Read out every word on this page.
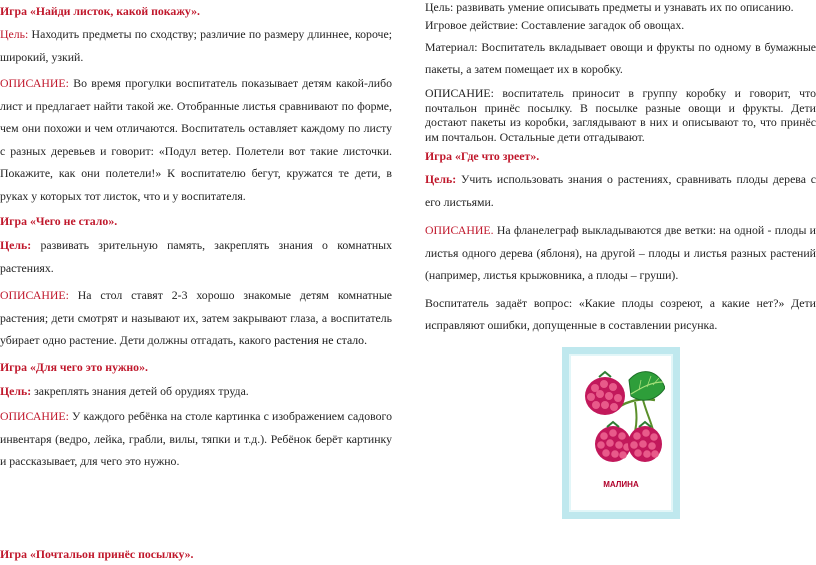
Игра «Найди листок, какой покажу».

Цель: Находить предметы по сходству; различие по размеру длиннее, короче; широкий, узкий.

ОПИСАНИЕ: Во время прогулки воспитатель показывает детям какой-либо лист и предлагает найти такой же. Отобранные листья сравнивают по форме, чем они похожи и чем отличаются. Воспитатель оставляет каждому по листу с разных деревьев и говорит: «Подул ветер. Полетели вот такие листочки. Покажите, как они полетели!» К воспитателю бегут, кружатся те дети, в руках у которых тот листок, что и у воспитателя.

Игра «Чего не стало».

Цель: развивать зрительную память, закреплять знания о комнатных растениях.

ОПИСАНИЕ: На стол ставят 2-3 хорошо знакомые детям комнатные растения; дети смотрят и называют их, затем закрывают глаза, а воспитатель убирает одно растение. Дети должны отгадать, какого растения не стало.

Игра «Для чего это нужно».

Цель: закреплять знания детей об орудиях труда.

ОПИСАНИЕ: У каждого ребёнка на столе картинка с изображением садового инвентаря (ведро, лейка, грабли, вилы, тяпки и т.д.). Ребёнок берёт картинку и рассказывает, для чего это нужно.

Игра «Почтальон принёс посылку».

Цель: развивать умение описывать предметы и узнавать их по описанию.

Игровое действие: Составление загадок об овощах.

Материал: Воспитатель вкладывает овощи и фрукты по одному в бумажные пакеты, а затем помещает их в коробку.

ОПИСАНИЕ: воспитатель приносит в группу коробку и говорит, что почтальон принёс посылку. В посылке разные овощи и фрукты. Дети достают пакеты из коробки, заглядывают в них и описывают то, что принёс им почтальон. Остальные дети отгадывают.

Игра «Где что зреет».

Цель: Учить использовать знания о растениях, сравнивать плоды дерева с его листьями.

ОПИСАНИЕ. На фланелеграф выкладываются две ветки: на одной - плоды и листья одного дерева (яблоня), на другой – плоды и листья разных растений (например, листья крыжовника, а плоды – груши).

Воспитатель задаёт вопрос: «Какие плоды созреют, а какие нет?» Дети исправляют ошибки, допущенные в составлении рисунка.

МАЛИНА
